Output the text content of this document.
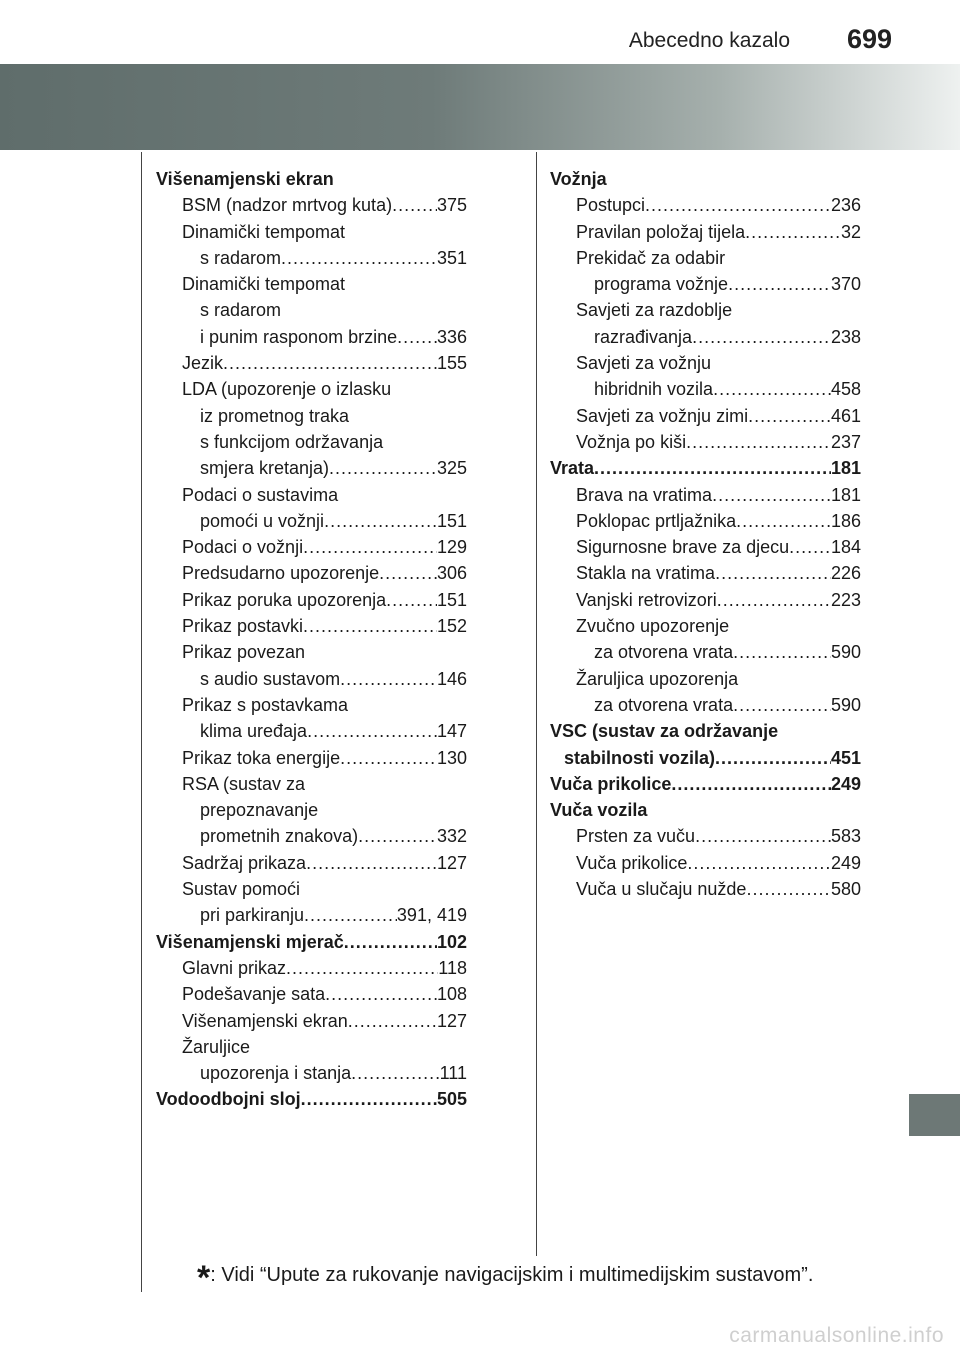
Abecedno kazalo 699
Višenamjenski ekran
BSM (nadzor mrtvog kuta) ..... 375
Dinamički tempomat
s radarom .....	351
Dinamički tempomat
s radarom
i punim rasponom brzine ..... 336
Jezik .....	155
LDA (upozorenje o izlasku
iz prometnog traka
s funkcijom održavanja
smjera kretanja) .....	325
Podaci o sustavima
pomoći u vožnji .....	151
Podaci o vožnji .....	129
Predsudarno upozorenje .....	306
Prikaz poruka upozorenja .....	151
Prikaz postavki .....	152
Prikaz povezan
s audio sustavom .....	146
Prikaz s postavkama
klima uređaja .....	147
Prikaz toka energije .....	130
RSA (sustav za
prepoznavanje
prometnih znakova) .....	332
Sadržaj prikaza .....	127
Sustav pomoći
pri parkiranju .....	391, 419
Višenamjenski mjerač .....	102
Glavni prikaz .....	118
Podešavanje sata .....	108
Višenamjenski ekran .....	127
Žaruljice
upozorenja i stanja .....	111
Vodoodbojni sloj .....	505
Vožnja
Postupci .....	236
Pravilan položaj tijela .....	32
Prekidač za odabir
programa vožnje .....	370
Savjeti za razdoblje
razrađivanja .....	238
Savjeti za vožnju
hibridnih vozila .....	458
Savjeti za vožnju zimi .....	461
Vožnja po kiši .....	237
Vrata .....	181
Brava na vratima .....	181
Poklopac prtljažnika .....	186
Sigurnosne brave za djecu ..... 184
Stakla na vratima .....	226
Vanjski retrovizori .....	223
Zvučno upozorenje
za otvorena vrata .....	590
Žaruljica upozorenja
za otvorena vrata .....	590
VSC (sustav za održavanje
stabilnosti vozila) .....	451
Vuča prikolice .....	249
Vuča vozila
Prsten za vuču .....	583
Vuča prikolice .....	249
Vuča u slučaju nužde .....	580
*: Vidi “Upute za rukovanje navigacijskim i multimedijskim sustavom”.
carmanualsonline.info
